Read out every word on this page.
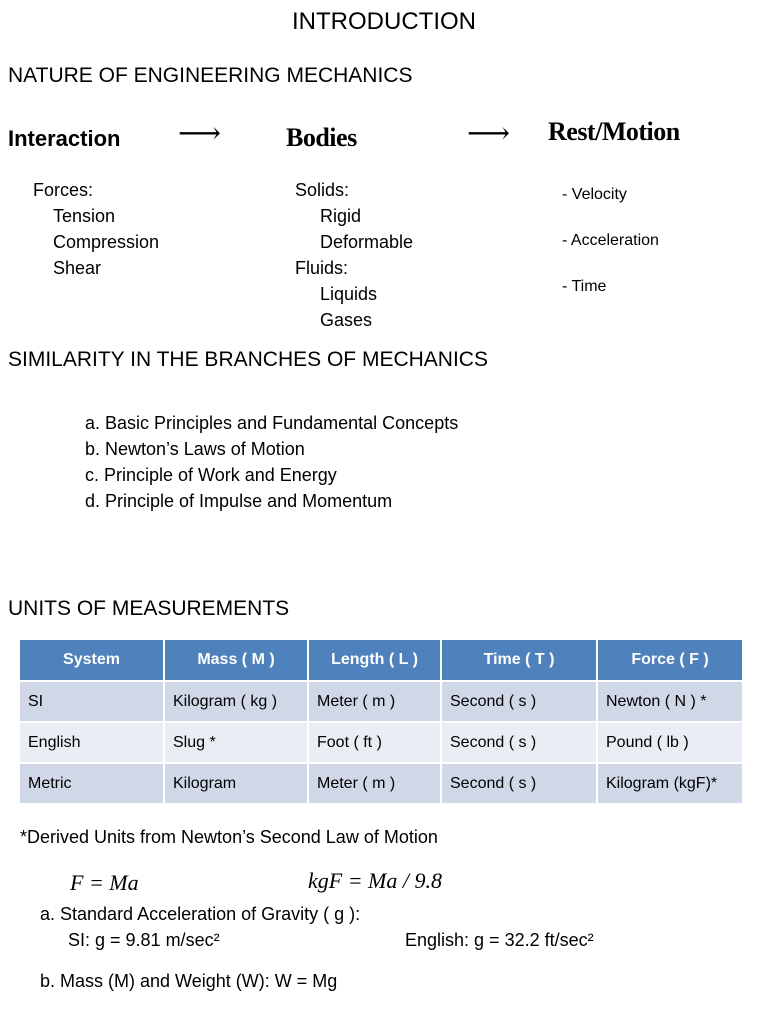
INTRODUCTION
NATURE OF ENGINEERING MECHANICS
Interaction ⟶ Bodies	⟶ Rest/Motion
Forces:
Tension
Compression
Shear
Solids:
Rigid
Deformable
Fluids:
Liquids
Gases
- Velocity
- Acceleration
- Time
SIMILARITY IN THE BRANCHES OF MECHANICS
a. Basic Principles and Fundamental Concepts
b. Newton’s Laws of Motion
c. Principle of Work and Energy
d. Principle of Impulse and Momentum
UNITS OF MEASUREMENTS
System	Mass ( M )	Length ( L )	Time ( T )	Force ( F )
SI	Kilogram ( kg )	Meter ( m )	Second ( s )	Newton ( N ) *
English	Slug *	Foot ( ft )	Second ( s )	Pound ( lb )
Metric	Kilogram	Meter ( m )	Second ( s )	Kilogram (kgF)*
*Derived Units from Newton’s Second Law of Motion
F = Ma	kgF = Ma / 9.8
a. Standard Acceleration of Gravity ( g ):
SI: g = 9.81 m/sec²	English: g = 32.2 ft/sec²
b. Mass (M) and Weight (W): W = Mg
